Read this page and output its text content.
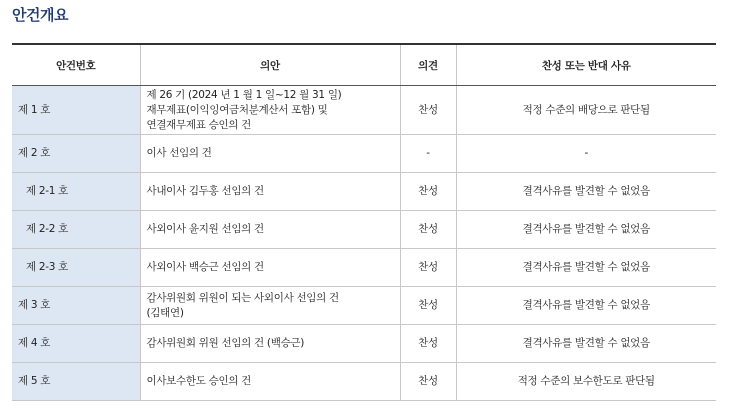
안건개요
안건번호	의안	의견	찬성 또는 반대 사유
제 1 호	제 26 기 (2024 년 1 월 1 일~12 월 31 일)
재무제표(이익잉여금처분계산서 포함) 및
연결재무제표 승인의 건	찬성	적정 수준의 배당으로 판단됨
제 2 호	이사 선임의 건	-	-
제 2-1 호	사내이사 김두홍 선임의 건	찬성	결격사유를 발견할 수 없었음
제 2-2 호	사외이사 윤지원 선임의 건	찬성	결격사유를 발견할 수 없었음
제 2-3 호	사외이사 백승근 선임의 건	찬성	결격사유를 발견할 수 없었음
제 3 호	감사위원회 위원이 되는 사외이사 선임의 건
(김태연)	찬성	결격사유를 발견할 수 없었음
제 4 호	감사위원회 위원 선임의 건 (백승근)	찬성	결격사유를 발견할 수 없었음
제 5 호	이사보수한도 승인의 건	찬성	적정 수준의 보수한도로 판단됨
